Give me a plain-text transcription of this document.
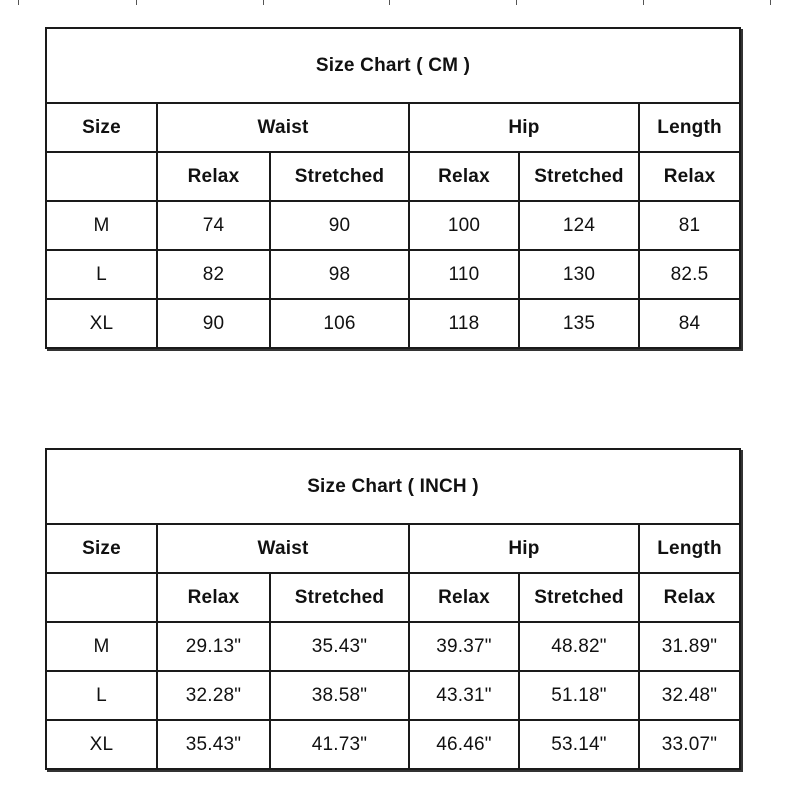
Size Chart ( CM )					
Size	Waist		Hip		Length
	Relax	Stretched	Relax	Stretched	Relax
M	74	90	100	124	81
L	82	98	110	130	82.5
XL	90	106	118	135	84
Size Chart ( INCH )					
Size	Waist		Hip		Length
	Relax	Stretched	Relax	Stretched	Relax
M	29.13"	35.43"	39.37"	48.82"	31.89"
L	32.28"	38.58"	43.31"	51.18"	32.48"
XL	35.43"	41.73"	46.46"	53.14"	33.07"
